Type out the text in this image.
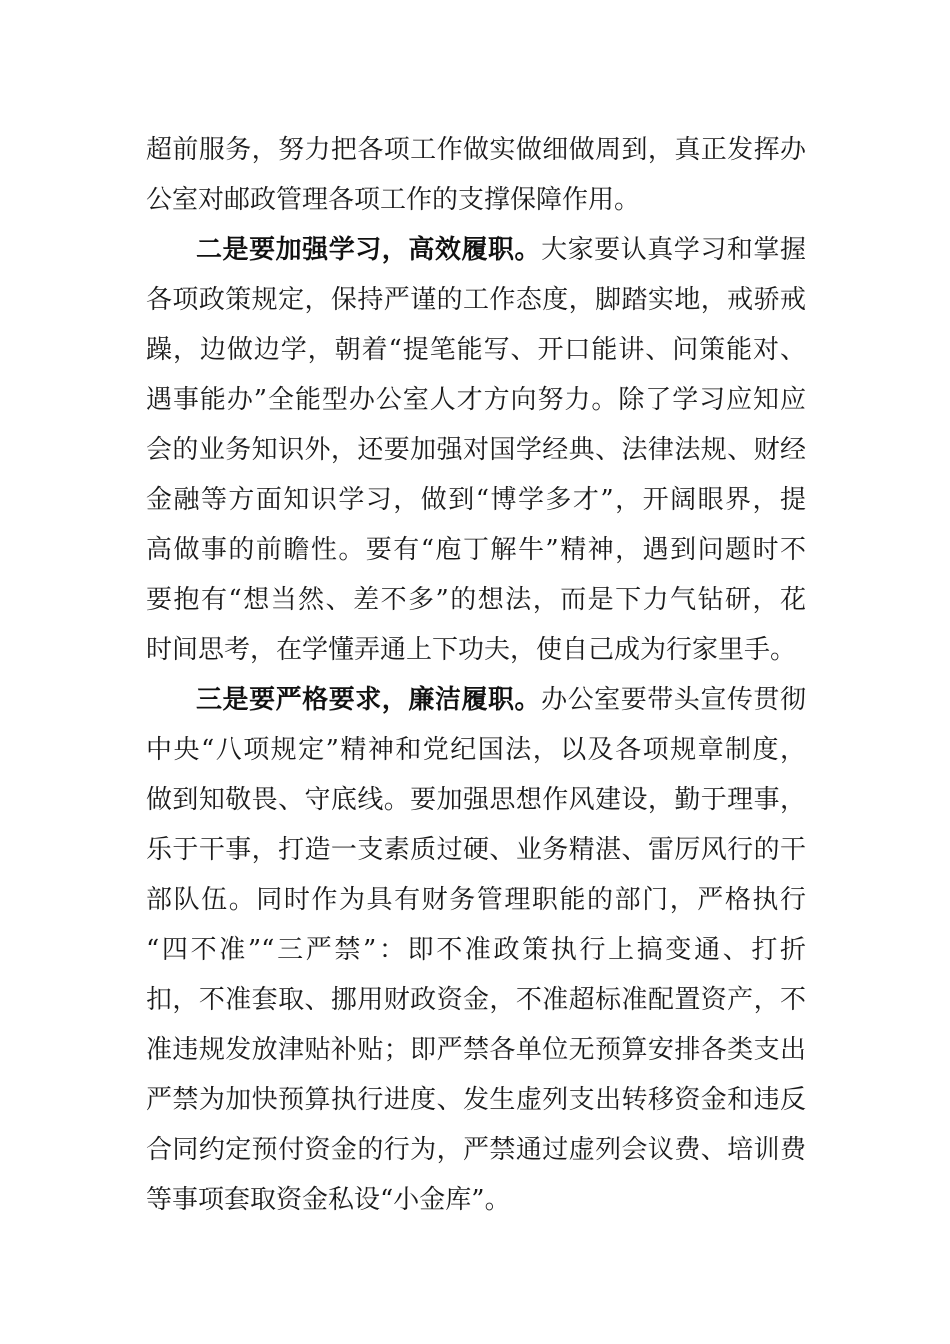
超前服务，努力把各项工作做实做细做周到，真正发挥办
公室对邮政管理各项工作的支撑保障作用。
二是要加强学习，高效履职。大家要认真学习和掌握
各项政策规定，保持严谨的工作态度，脚踏实地，戒骄戒
躁，边做边学，朝着“提笔能写、开口能讲、问策能对、
遇事能办”全能型办公室人才方向努力。除了学习应知应
会的业务知识外，还要加强对国学经典、法律法规、财经
金融等方面知识学习，做到“博学多才”，开阔眼界，提
高做事的前瞻性。要有“庖丁解牛”精神，遇到问题时不
要抱有“想当然、差不多”的想法，而是下力气钻研，花
时间思考，在学懂弄通上下功夫，使自己成为行家里手。
三是要严格要求，廉洁履职。办公室要带头宣传贯彻
中央“八项规定”精神和党纪国法，以及各项规章制度，
做到知敬畏、守底线。要加强思想作风建设，勤于理事，
乐于干事，打造一支素质过硬、业务精湛、雷厉风行的干
部队伍。同时作为具有财务管理职能的部门，严格执行
“四不准”“三严禁”：即不准政策执行上搞变通、打折
扣，不准套取、挪用财政资金，不准超标准配置资产，不
准违规发放津贴补贴；即严禁各单位无预算安排各类支出
严禁为加快预算执行进度、发生虚列支出转移资金和违反
合同约定预付资金的行为，严禁通过虚列会议费、培训费
等事项套取资金私设“小金库”。
